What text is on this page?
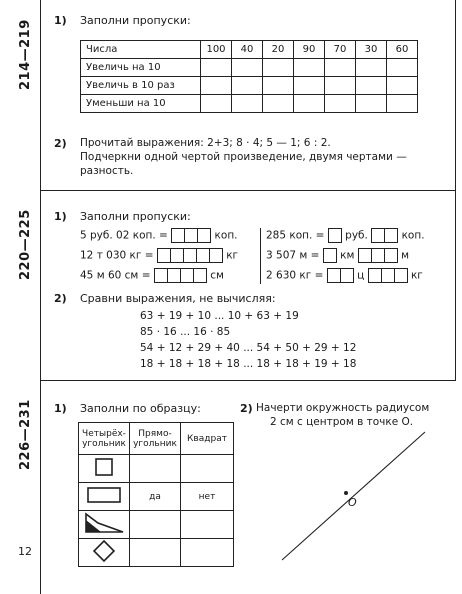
214—219
220—225
226—231
12
1) Заполни пропуски:
Числа	100	40	20	90	70	30	60
Увеличь на 10							
Увеличь в 10 раз							
Уменьши на 10							
2) Прочитай выражения: 2+3; 8 · 4; 5 — 1; 6 : 2.
Подчеркни одной чертой произведение, двумя чертами —
разность.
1) Заполни пропуски:
5 руб. 02 коп. =	коп.
12 т 030 кг =	кг
45 м 60 см =	см
285 коп. = руб.	коп.
3 507 м = км	м
2 630 кг =	ц	кг
2) Сравни выражения, не вычисляя:
63 + 19 + 10 ... 10 + 63 + 19
85 · 16 ... 16 · 85
54 + 12 + 29 + 40 ... 54 + 50 + 29 + 12
18 + 18 + 18 + 18 ... 18 + 18 + 19 + 18
1) Заполни по образцу:
Четырёх-
угольник	Прямо-
угольник	Квадрат

	да	нет

2) Начерти окружность радиусом
2 см с центром в точке О.
О
